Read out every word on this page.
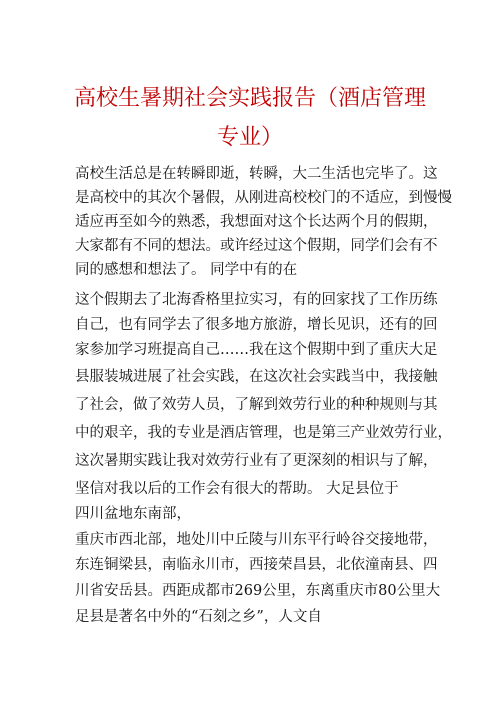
高校生暑期社会实践报告（酒店管理
专业）
高校生活总是在转瞬即逝，转瞬，大二生活也完毕了。这
是高校中的其次个暑假，从刚进高校校门的不适应，到慢慢
适应再至如今的熟悉，我想面对这个长达两个月的假期，
大家都有不同的想法。或许经过这个假期，同学们会有不
同的感想和想法了。 同学中有的在
这个假期去了北海香格里拉实习，有的回家找了工作历练
自己，也有同学去了很多地方旅游，增长见识，还有的回
家参加学习班提高自己……我在这个假期中到了重庆大足
县服装城进展了社会实践，在这次社会实践当中，我接触
了社会，做了效劳人员，了解到效劳行业的种种规则与其
中的艰辛，我的专业是酒店管理，也是第三产业效劳行业，
这次暑期实践让我对效劳行业有了更深刻的相识与了解，
坚信对我以后的工作会有很大的帮助。 大足县位于
四川盆地东南部，
重庆市西北部，地处川中丘陵与川东平行岭谷交接地带，
东连铜梁县，南临永川市，西接荣昌县，北依潼南县、四
川省安岳县。西距成都市269公里，东离重庆市80公里大
足县是著名中外的“石刻之乡”，人文自
